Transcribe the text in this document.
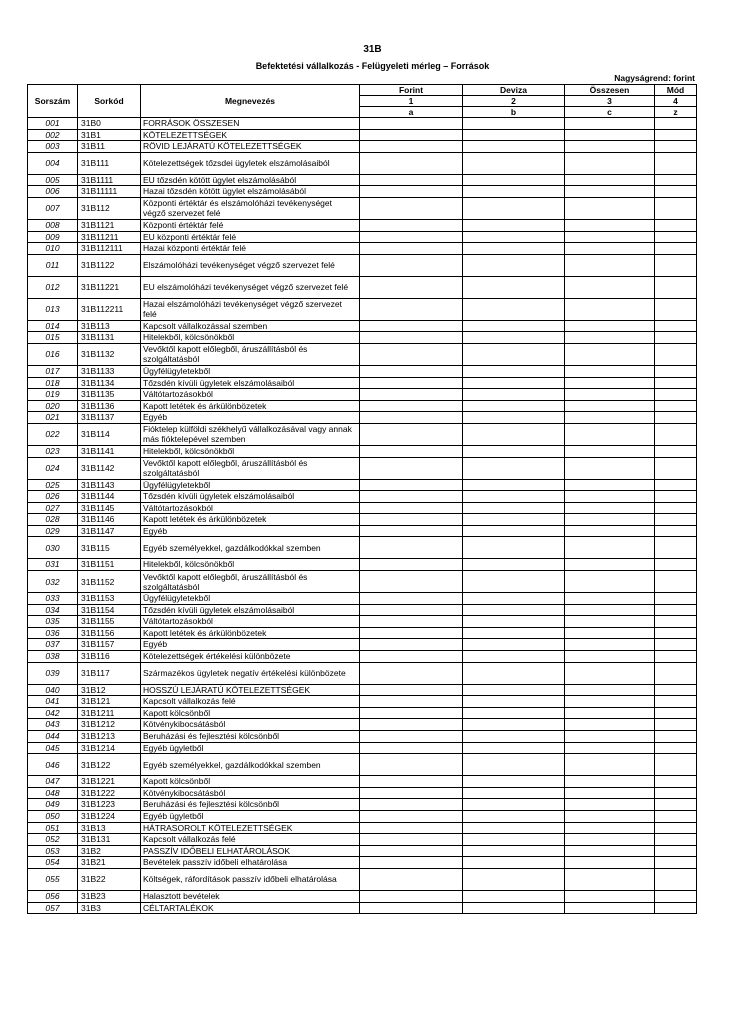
31B
Befektetési vállalkozás - Felügyeleti mérleg – Források
Nagyságrend: forint
Sorszám	Sorkód	Megnevezés	Forint	Deviza	Összesen	Mód
			1	2	3	4
			a	b	c	z
001	31B0	FORRÁSOK ÖSSZESEN				
002	31B1	KÖTELEZETTSÉGEK				
003	31B11	RÖVID LEJÁRATÚ KÖTELEZETTSÉGEK				
004	31B111	Kötelezettségek tőzsdei ügyletek elszámolásaiból				
005	31B1111	EU tőzsdén kötött ügylet elszámolásából				
006	31B11111	Hazai tőzsdén kötött ügylet elszámolásából				
007	31B112	Központi értéktár és elszámolóházi tevékenységet végző szervezet felé				
008	31B1121	Központi értéktár felé				
009	31B11211	EU központi értéktár felé				
010	31B112111	Hazai központi értéktár felé				
011	31B1122	Elszámolóházi tevékenységet végző szervezet felé				
012	31B11221	EU elszámolóházi tevékenységet végző szervezet felé				
013	31B112211	Hazai elszámolóházi tevékenységet végző szervezet felé				
014	31B113	Kapcsolt vállalkozással szemben				
015	31B1131	Hitelekből, kölcsönökből				
016	31B1132	Vevőktől kapott előlegből, áruszállításból és szolgáltatásból				
017	31B1133	Ügyfélügyletekből				
018	31B1134	Tőzsdén kívüli ügyletek elszámolásaiból				
019	31B1135	Váltótartozásokból				
020	31B1136	Kapott letétek és árkülönbözetek				
021	31B1137	Egyéb				
022	31B114	Fióktelep külföldi székhelyű vállalkozásával vagy annak más fióktelepével szemben				
023	31B1141	Hitelekből, kölcsönökből				
024	31B1142	Vevőktől kapott előlegből, áruszállításból és szolgáltatásból				
025	31B1143	Ügyfélügyletekből				
026	31B1144	Tőzsdén kívüli ügyletek elszámolásaiból				
027	31B1145	Váltótartozásokból				
028	31B1146	Kapott letétek és árkülönbözetek				
029	31B1147	Egyéb				
030	31B115	Egyéb személyekkel, gazdálkodókkal szemben				
031	31B1151	Hitelekből, kölcsönökből				
032	31B1152	Vevőktől kapott előlegből, áruszállításból és szolgáltatásból				
033	31B1153	Ügyfélügyletekből				
034	31B1154	Tőzsdén kívüli ügyletek elszámolásaiból				
035	31B1155	Váltótartozásokból				
036	31B1156	Kapott letétek és árkülönbözetek				
037	31B1157	Egyéb				
038	31B116	Kötelezettségek értékelési különbözete				
039	31B117	Származékos ügyletek negatív értékelési különbözete				
040	31B12	HOSSZÚ LEJÁRATÚ KÖTELEZETTSÉGEK				
041	31B121	Kapcsolt vállalkozás felé				
042	31B1211	Kapott kölcsönből				
043	31B1212	Kötvénykibocsátásból				
044	31B1213	Beruházási és fejlesztési kölcsönből				
045	31B1214	Egyéb ügyletből				
046	31B122	Egyéb személyekkel, gazdálkodókkal szemben				
047	31B1221	Kapott kölcsönből				
048	31B1222	Kötvénykibocsátásból				
049	31B1223	Beruházási és fejlesztési kölcsönből				
050	31B1224	Egyéb ügyletből				
051	31B13	HÁTRASOROLT KÖTELEZETTSÉGEK				
052	31B131	Kapcsolt vállalkozás felé				
053	31B2	PASSZÍV IDŐBELI ELHATÁROLÁSOK				
054	31B21	Bevételek passzív időbeli elhatárolása				
055	31B22	Költségek, ráfordítások passzív időbeli elhatárolása				
056	31B23	Halasztott bevételek				
057	31B3	CÉLTARTALÉKOK				
